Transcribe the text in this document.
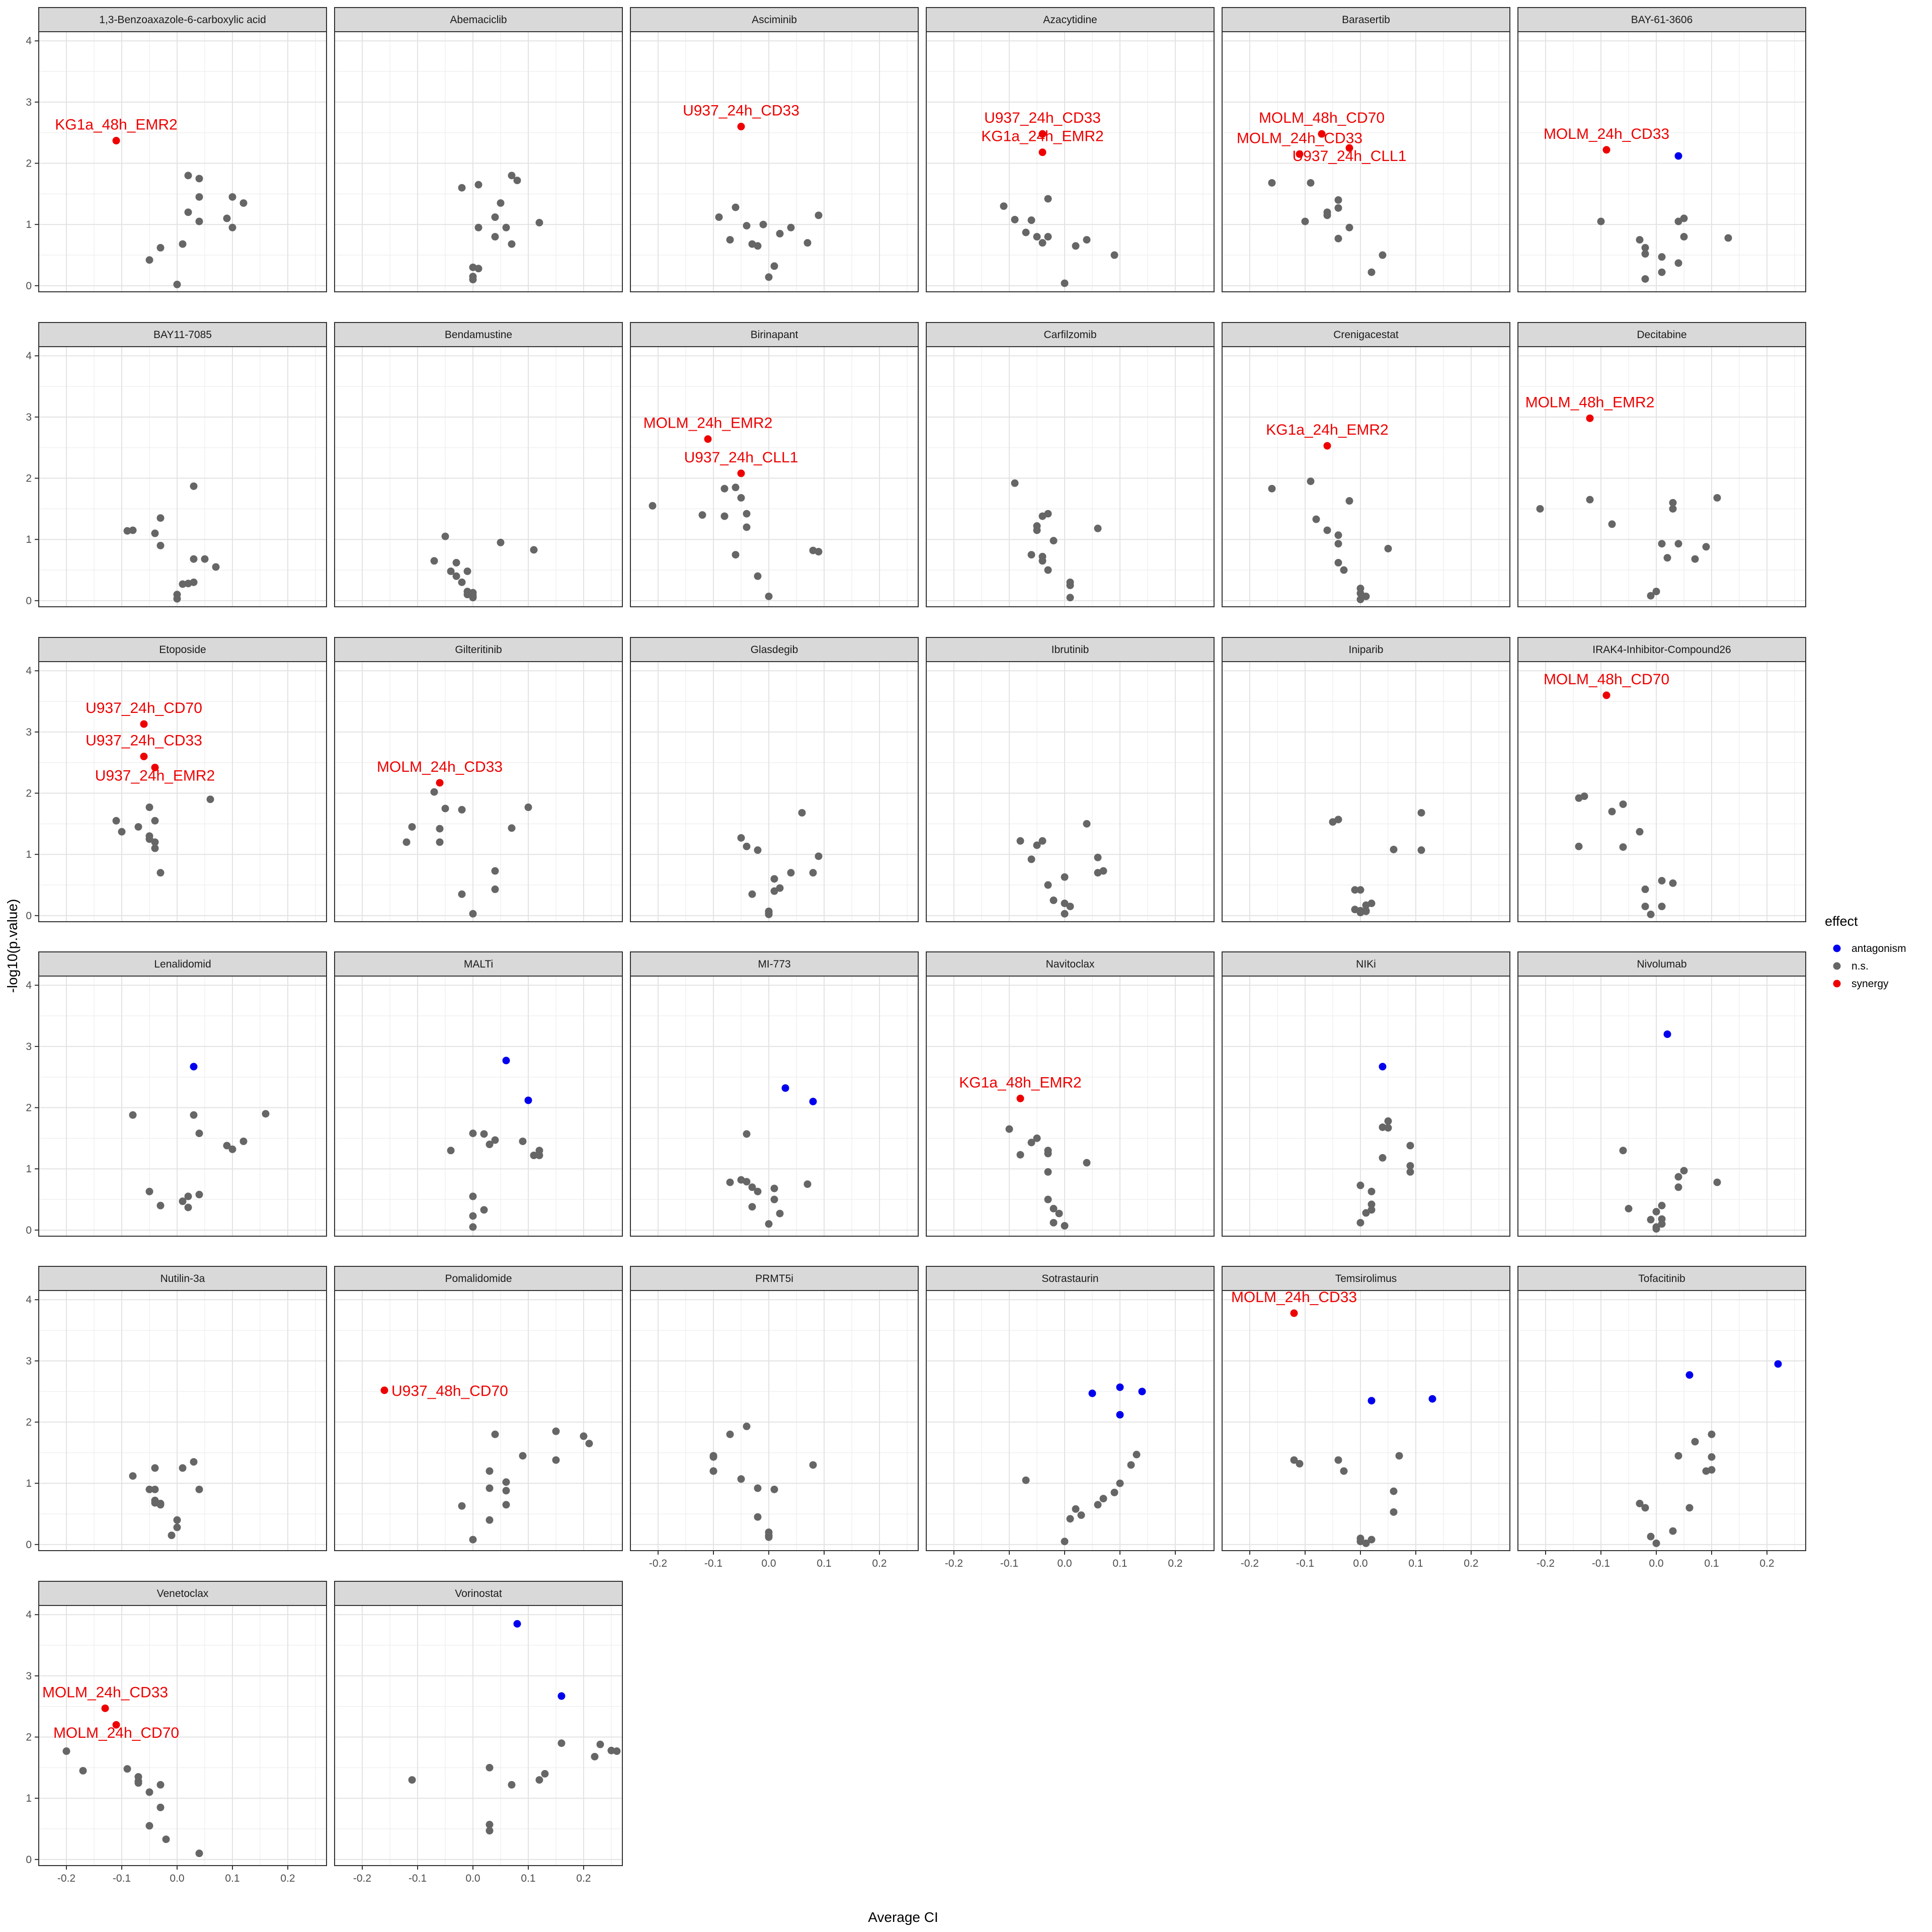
1,3-Benzoaxazole-6-carboxylic acid
KG1a_48h_EMR2
0
1
2
3
4
Abemaciclib	Asciminib
U937_24h_CD33
Azacytidine
U937_24h_CD33
KG1a_24h_EMR2
Barasertib
MOLM_48h_CD70
MOLM_24h_CD33
U937_24h_CLL1
BAY-61-3606
MOLM_24h_CD33
BAY11-7085
0
1
2
3
4
Bendamustine	Birinapant
MOLM_24h_EMR2
U937_24h_CLL1
Carfilzomib	Crenigacestat
KG1a_24h_EMR2
Decitabine
MOLM_48h_EMR2
Etoposide
U937_24h_CD70
U937_24h_CD33
U937_24h_EMR2
0
1
2
3
4
Gilteritinib
MOLM_24h_CD33
Glasdegib	Ibrutinib	Iniparib	IRAK4-Inhibitor-Compound26
MOLM_48h_CD70
Lenalidomid
0
1
2
3
4
MALTi	MI-773	Navitoclax
KG1a_48h_EMR2
NIKi	Nivolumab
Nutilin-3a
0
1
2
3
4
Pomalidomide
U937_48h_CD70
PRMT5i	Sotrastaurin	Temsirolimus
MOLM_24h_CD33
Tofacitinib
Venetoclax
MOLM_24h_CD33
MOLM_24h_CD70
0
1
2
3
4
Vorinostat
-0.2	-0.1	0.0	0.1	0.2	-0.2	-0.1	0.0	0.1	0.2	-0.2	-0.1	0.0	0.1	0.2	-0.2	-0.1	0.0	0.1	0.2
-0.2	-0.1	0.0	0.1	0.2	-0.2	-0.1	0.0	0.1	0.2
Average CI
-log10(p.value)	effect
antagonism
n.s.
synergy
